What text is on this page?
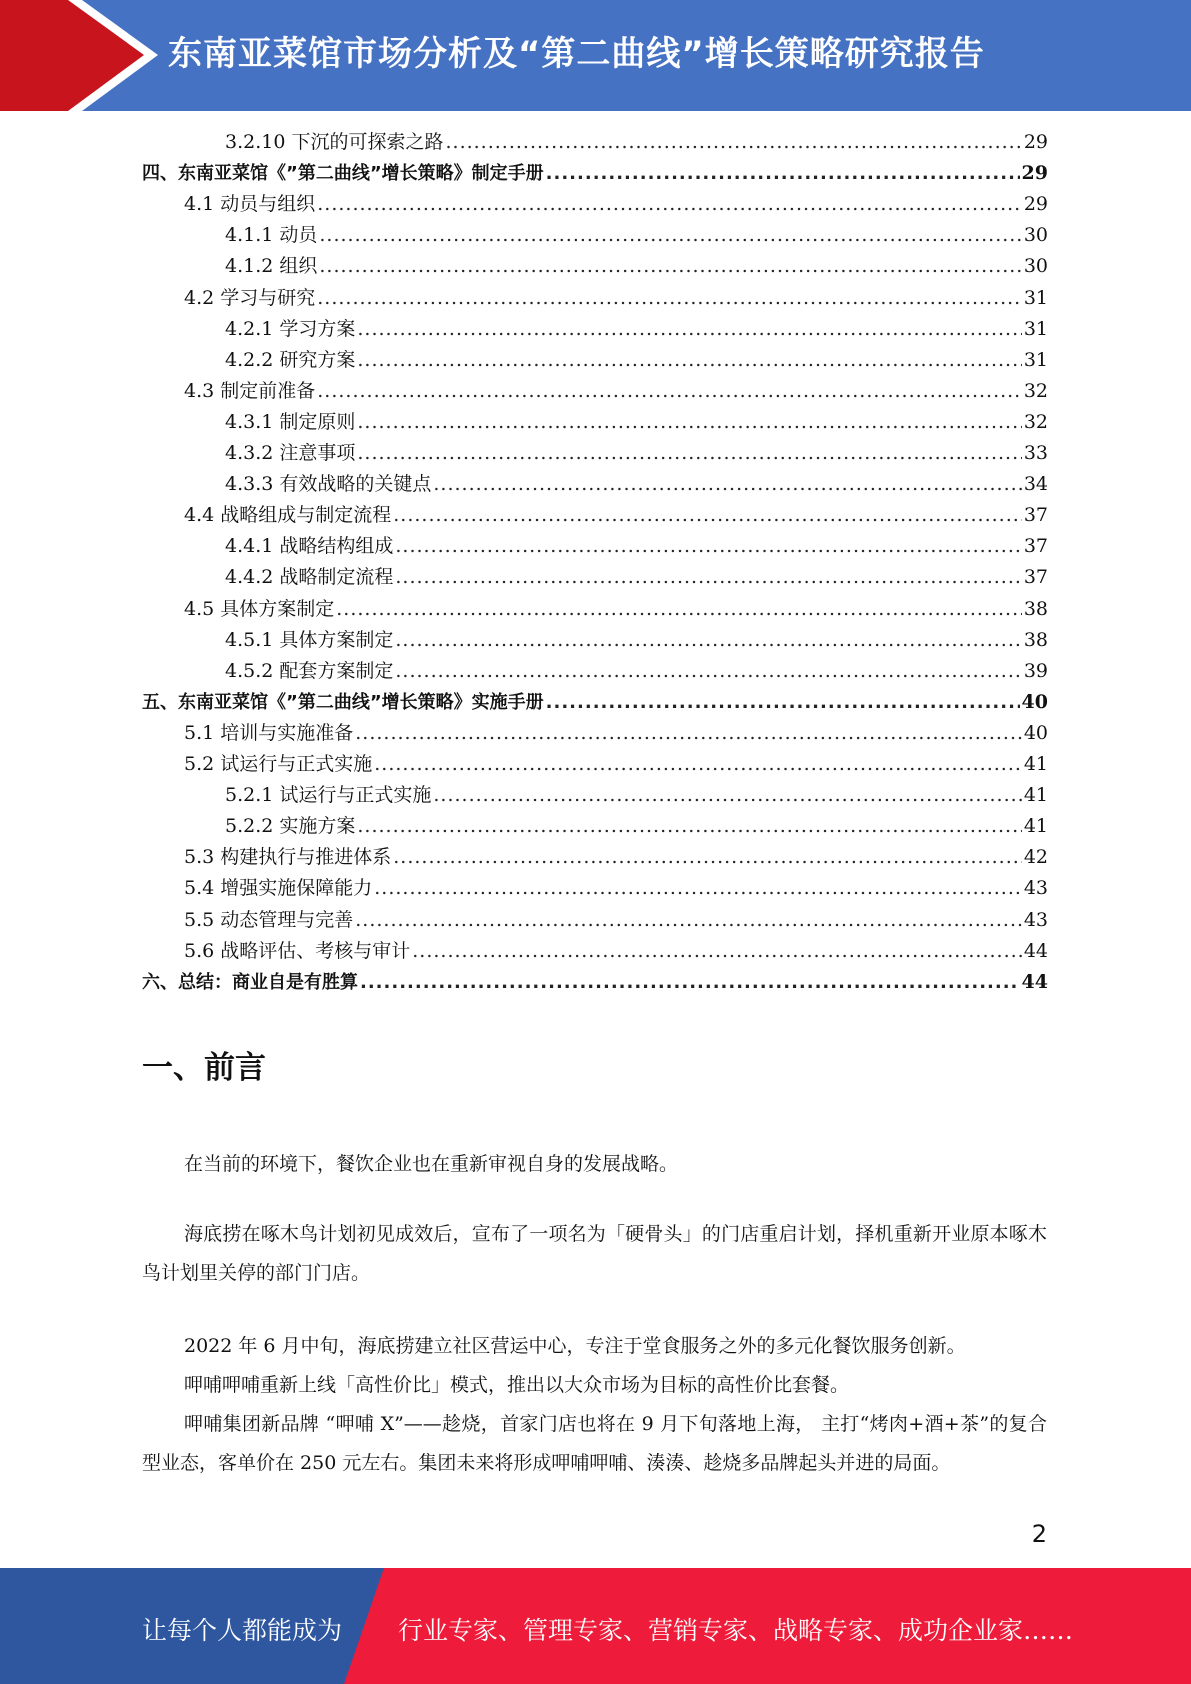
东南亚菜馆市场分析及“第二曲线”增长策略研究报告
3.2.10 下沉的可探索之路 .....	29
四、东南亚菜馆《”第二曲线”增长策略》制定手册 .....	29
4.1 动员与组织 .....	29
4.1.1 动员 .....	30
4.1.2 组织 .....	30
4.2 学习与研究 .....	31
4.2.1 学习方案 .....	31
4.2.2 研究方案 .....	31
4.3 制定前准备 .....	32
4.3.1 制定原则 .....	32
4.3.2 注意事项 .....	33
4.3.3 有效战略的关键点 .....	34
4.4 战略组成与制定流程 .....	37
4.4.1 战略结构组成 .....	37
4.4.2 战略制定流程 .....	37
4.5 具体方案制定 .....	38
4.5.1 具体方案制定 .....	38
4.5.2 配套方案制定 .....	39
五、东南亚菜馆《”第二曲线”增长策略》实施手册 .....	40
5.1 培训与实施准备 .....	40
5.2 试运行与正式实施 .....	41
5.2.1 试运行与正式实施 .....	41
5.2.2 实施方案 .....	41
5.3 构建执行与推进体系 .....	42
5.4 增强实施保障能力 .....	43
5.5 动态管理与完善 .....	43
5.6 战略评估、考核与审计 .....	44
六、总结：商业自是有胜算 .....	44
一、前言
在当前的环境下，餐饮企业也在重新审视自身的发展战略。
海底捞在啄木鸟计划初见成效后，宣布了一项名为「硬骨头」的门店重启计划，择机重新开业原本啄木鸟计划里关停的部门门店。
2022 年 6 月中旬，海底捞建立社区营运中心，专注于堂食服务之外的多元化餐饮服务创新。
呷哺呷哺重新上线「高性价比」模式，推出以大众市场为目标的高性价比套餐。
呷哺集团新品牌 “呷哺 X”——趁烧，首家门店也将在 9 月下旬落地上海， 主打“烤肉+酒+茶”的复合型业态，客单价在 250 元左右。集团未来将形成呷哺呷哺、湊湊、趁烧多品牌起头并进的局面。
2
让每个人都能成为 行业专家、管理专家、营销专家、战略专家、成功企业家……
